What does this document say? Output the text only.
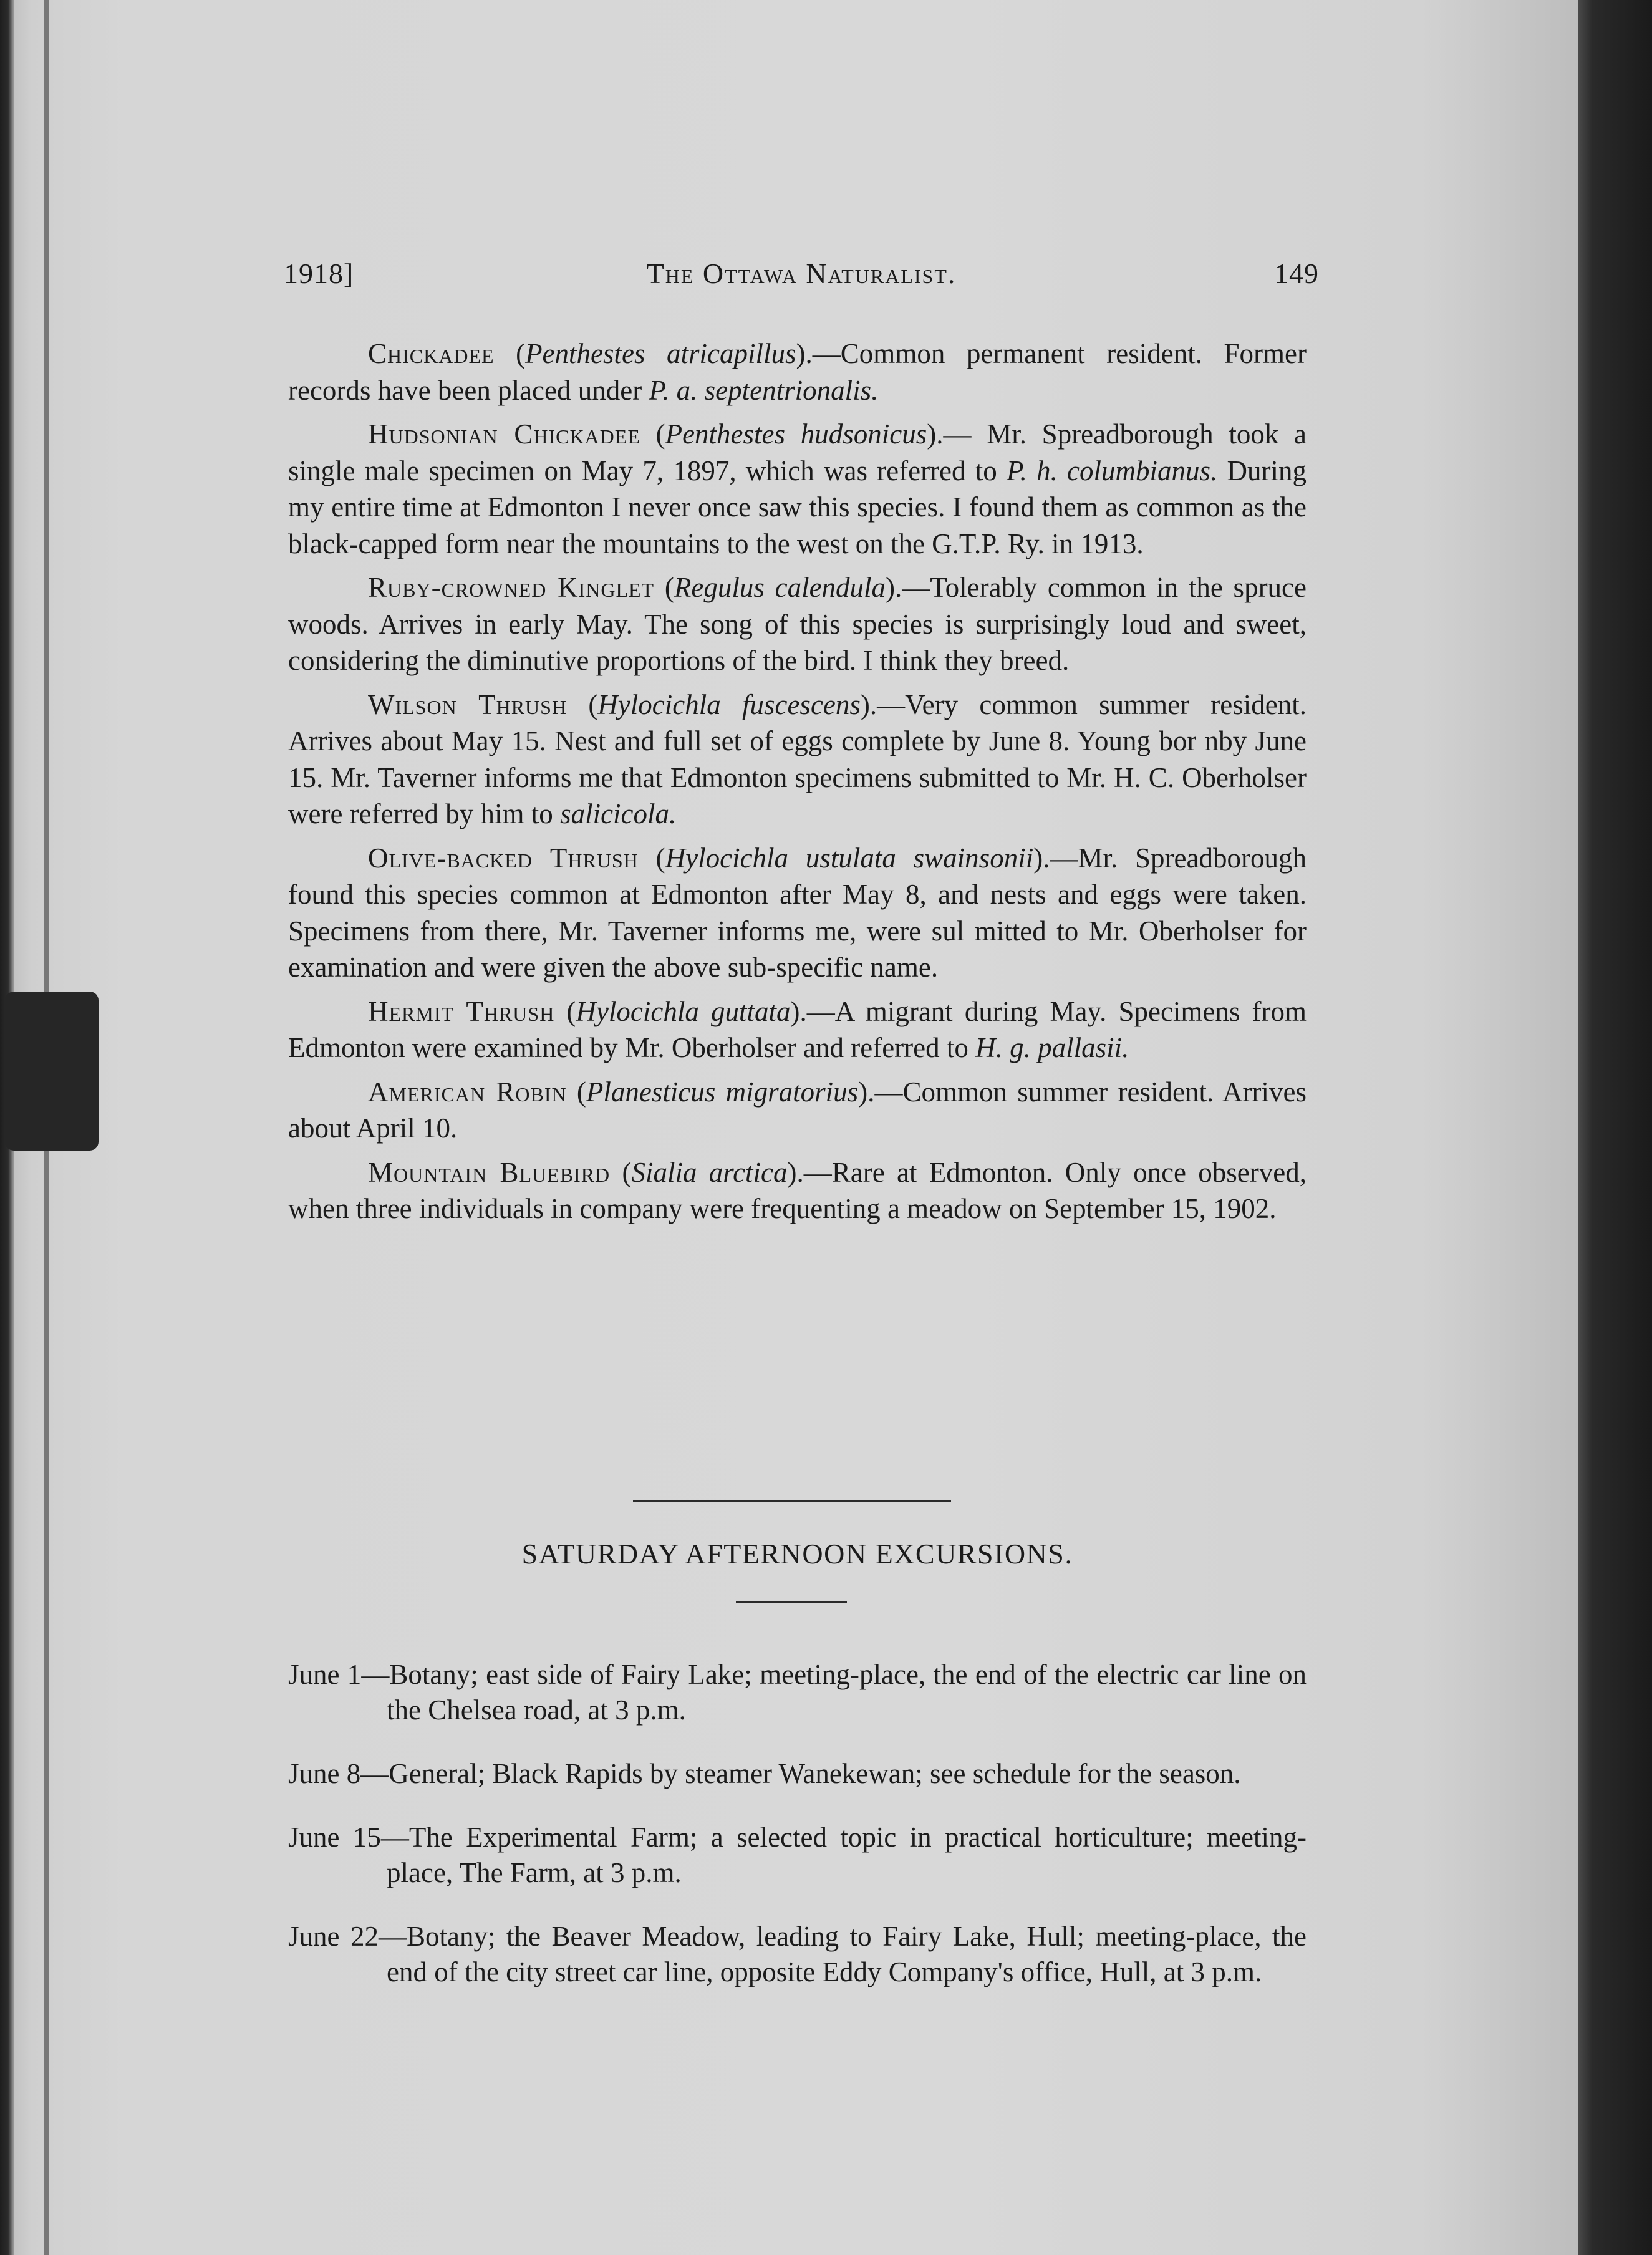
1918]	The Ottawa Naturalist.	149

Chickadee (Penthestes atricapillus).—Common permanent resident. Former records have been placed under P. a. septentrionalis.

Hudsonian Chickadee (Penthestes hudsonicus).— Mr. Spreadborough took a single male specimen on May 7, 1897, which was referred to P. h. columbianus. During my entire time at Edmonton I never once saw this species. I found them as common as the black-capped form near the mountains to the west on the G.T.P. Ry. in 1913.

Ruby-crowned Kinglet (Regulus calendula).—Tolerably common in the spruce woods. Arrives in early May. The song of this species is surprisingly loud and sweet, considering the diminutive proportions of the bird. I think they breed.

Wilson Thrush (Hylocichla fuscescens).—Very common summer resident. Arrives about May 15. Nest and full set of eggs complete by June 8. Young bor nby June 15. Mr. Taverner informs me that Edmonton specimens submitted to Mr. H. C. Oberholser were referred by him to salicicola.

Olive-backed Thrush (Hylocichla ustulata swainsonii).—Mr. Spreadborough found this species common at Edmonton after May 8, and nests and eggs were taken. Specimens from there, Mr. Taverner informs me, were sul mitted to Mr. Oberholser for examination and were given the above sub-specific name.

Hermit Thrush (Hylocichla guttata).—A migrant during May. Specimens from Edmonton were examined by Mr. Oberholser and referred to H. g. pallasii.

American Robin (Planesticus migratorius).—Common summer resident. Arrives about April 10.

Mountain Bluebird (Sialia arctica).—Rare at Edmonton. Only once observed, when three individuals in company were frequenting a meadow on September 15, 1902.

SATURDAY AFTERNOON EXCURSIONS.

June 1—Botany; east side of Fairy Lake; meeting-place, the end of the electric car line on the Chelsea road, at 3 p.m.

June 8—General; Black Rapids by steamer Wanekewan; see schedule for the season.

June 15—The Experimental Farm; a selected topic in practical horticulture; meeting-place, The Farm, at 3 p.m.

June 22—Botany; the Beaver Meadow, leading to Fairy Lake, Hull; meeting-place, the end of the city street car line, opposite Eddy Company's office, Hull, at 3 p.m.
